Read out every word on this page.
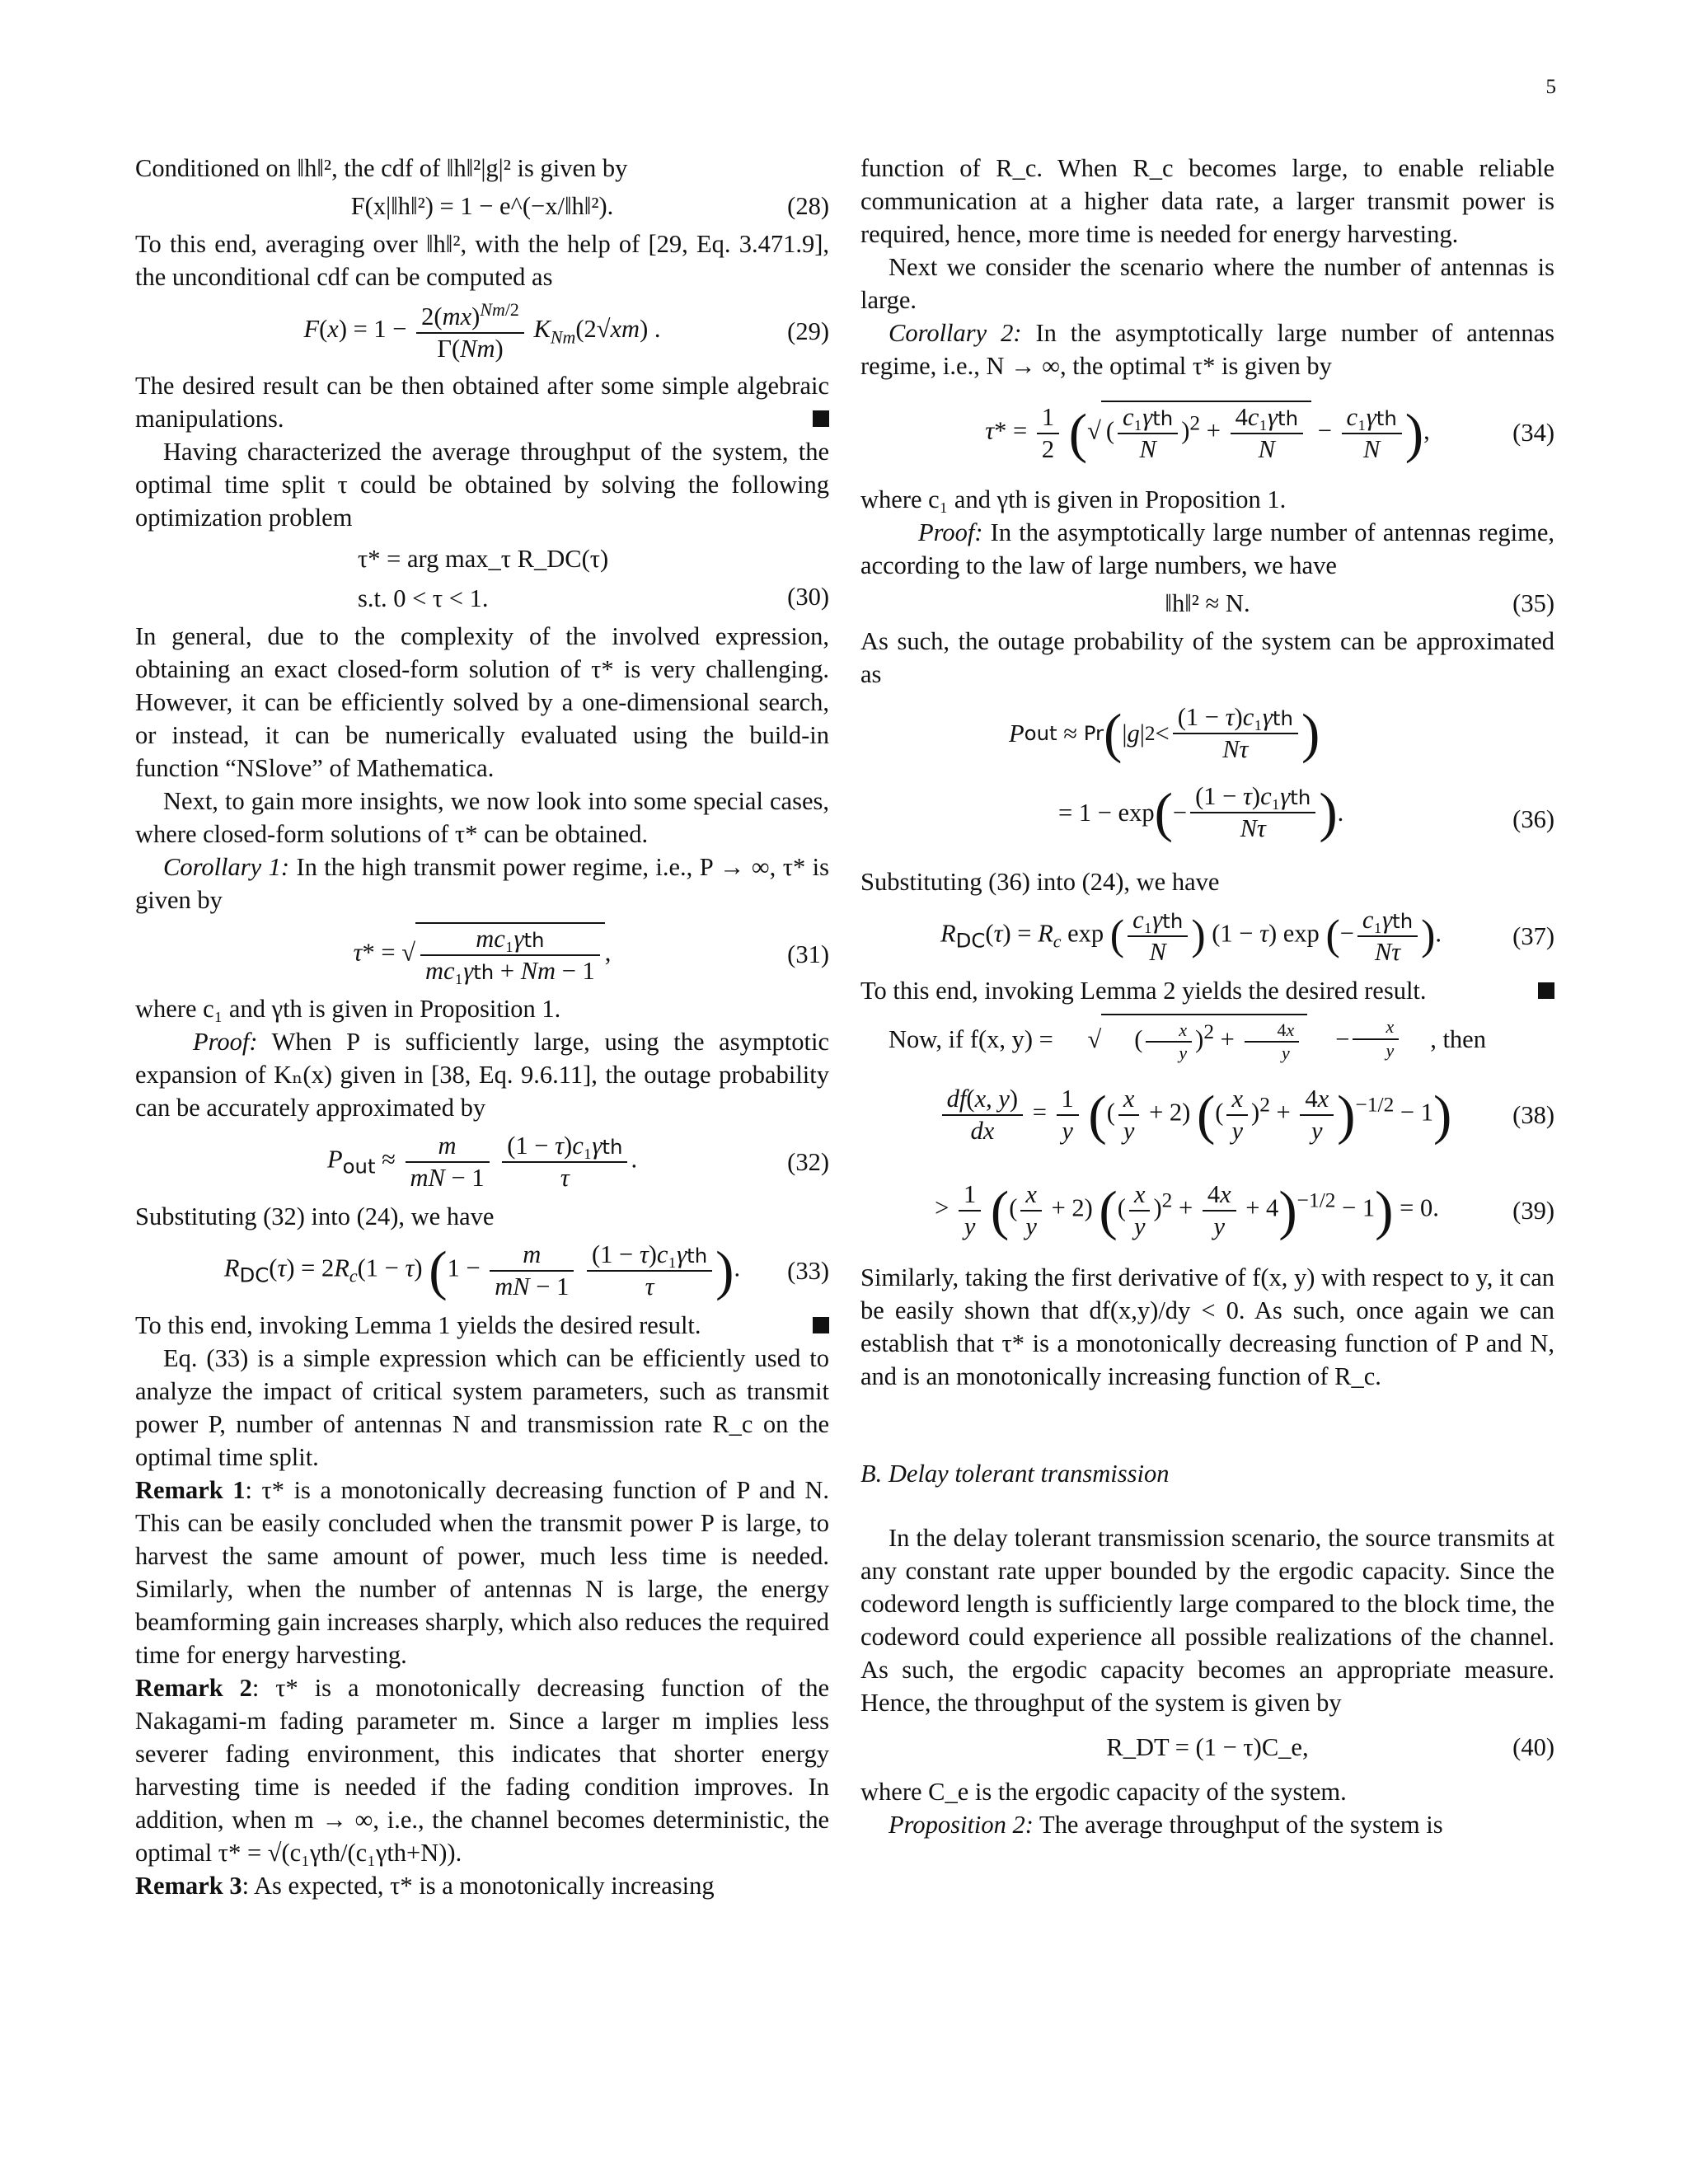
5

Conditioned on ‖h‖², the cdf of ‖h‖²|g|² is given by

F(x|‖h‖²) = 1 − e^(−x/‖h‖²).	(28)

To this end, averaging over ‖h‖², with the help of [29, Eq. 3.471.9], the unconditional cdf can be computed as

$F(x) = 1 - \frac{2(mx)^{Nm/2}}{\Gamma(Nm)} K_{Nm}(2√xm)$ .	(29)

The desired result can be then obtained after some simple algebraic manipulations.

Having characterized the average throughput of the system, the optimal time split τ could be obtained by solving the following optimization problem

τ* = arg max_τ R_DC(τ)
s.t. 0 < τ < 1.	(30)

In general, due to the complexity of the involved expression, obtaining an exact closed-form solution of τ* is very challenging. However, it can be efficiently solved by a one-dimensional search, or instead, it can be numerically evaluated using the build-in function “NSlove” of Mathematica.

Next, to gain more insights, we now look into some special cases, where closed-form solutions of τ* can be obtained.

Corollary 1: In the high transmit power regime, i.e., P → ∞, τ* is given by

τ* = √ $\frac{\text{mc₁γth}}{\text{mc₁γth + Nm − 1}}$ ,	(31)

where c₁ and γth is given in Proposition 1.

Proof: When P is sufficiently large, using the asymptotic expansion of Kₙ(x) given in [38, Eq. 9.6.11], the outage probability can be accurately approximated by

$P_{out} \approx \frac{m}{mN - 1}$
$\frac{\text{(1 − τ)c₁γth}}{\tau}$ .	(32)

Substituting (32) into (24), we have

$R_{DC}(\tau) = 2R_c(1 - \tau) (1 - \frac{m}{mN - 1}$
$\frac{\text{(1 − τ)c₁γth}}{\tau}$ ). (33)

To this end, invoking Lemma 1 yields the desired result.

Eq. (33) is a simple expression which can be efficiently used to analyze the impact of critical system parameters, such as transmit power P, number of antennas N and transmission rate R_c on the optimal time split.

Remark 1: τ* is a monotonically decreasing function of P and N. This can be easily concluded when the transmit power P is large, to harvest the same amount of power, much less time is needed. Similarly, when the number of antennas N is large, the energy beamforming gain increases sharply, which also reduces the required time for energy harvesting.

Remark 2: τ* is a monotonically decreasing function of the Nakagami-m fading parameter m. Since a larger m implies less severer fading environment, this indicates that shorter energy harvesting time is needed if the fading condition improves. In addition, when m → ∞, i.e., the channel becomes deterministic, the optimal τ* = √(c₁γth/(c₁γth+N)).

Remark 3: As expected, τ* is a monotonically increasing

function of R_c. When R_c becomes large, to enable reliable communication at a higher data rate, a larger transmit power is required, hence, more time is needed for energy harvesting.

Next we consider the scenario where the number of antennas is large.

Corollary 2: In the asymptotically large number of antennas regime, i.e., N → ∞, the optimal τ* is given by

$\tau* = \frac{1}{2}$ (√ ( $\frac{\text{c₁γth}}{N} )^2 + \frac{\text{4c₁γth}}{N} - \frac{\text{c₁γth}}{N}$ ),	(34)

where c₁ and γth is given in Proposition 1.

Proof: In the asymptotically large number of antennas regime, according to the law of large numbers, we have

‖h‖² ≈ N.	(35)

As such, the outage probability of the system can be approximated as

P out ≈ Pr ( | g | $2 < \frac{\text{(1 − τ)c₁γth}}{N\tau}$ )
= 1 − exp ( − $\frac{\text{(1 − τ)c₁γth}}{N\tau}$ ) .	(36)

Substituting (36) into (24), we have

$R_{DC}(\tau) = R_c$ exp ( $\frac{\text{c₁γth}}{N}$ ) (1 − τ) exp (− $\frac{\text{c₁γth}}{N\tau}$ ).	(37)

To this end, invoking Lemma 2 yields the desired result.

Now, if f(x, y) = √	( $\frac{x}{y} )^2 + \frac{4x}{y} - \frac{x}{y}$	, then

$\frac{df(x, y)}{dx} = \frac{1}{y}$ (( $\frac{x}{y} + 2$) (( $\frac{x}{y} )^2 + \frac{4x}{y} )^{-1/2} - 1$) (38)
> $\frac{1}{y}$ (( $\frac{x}{y} + 2$) (( $\frac{x}{y} )^2 + \frac{4x}{y} + 4)^{-1/2} - 1) = 0$.	(39)

Similarly, taking the first derivative of f(x, y) with respect to y, it can be easily shown that df(x,y)/dy < 0. As such, once again we can establish that τ* is a monotonically decreasing function of P and N, and is an monotonically increasing function of R_c.

B. Delay tolerant transmission

In the delay tolerant transmission scenario, the source transmits at any constant rate upper bounded by the ergodic capacity. Since the codeword length is sufficiently large compared to the block time, the codeword could experience all possible realizations of the channel. As such, the ergodic capacity becomes an appropriate measure. Hence, the throughput of the system is given by

R_DT = (1 − τ)C_e,	(40)

where C_e is the ergodic capacity of the system.

Proposition 2: The average throughput of the system is
